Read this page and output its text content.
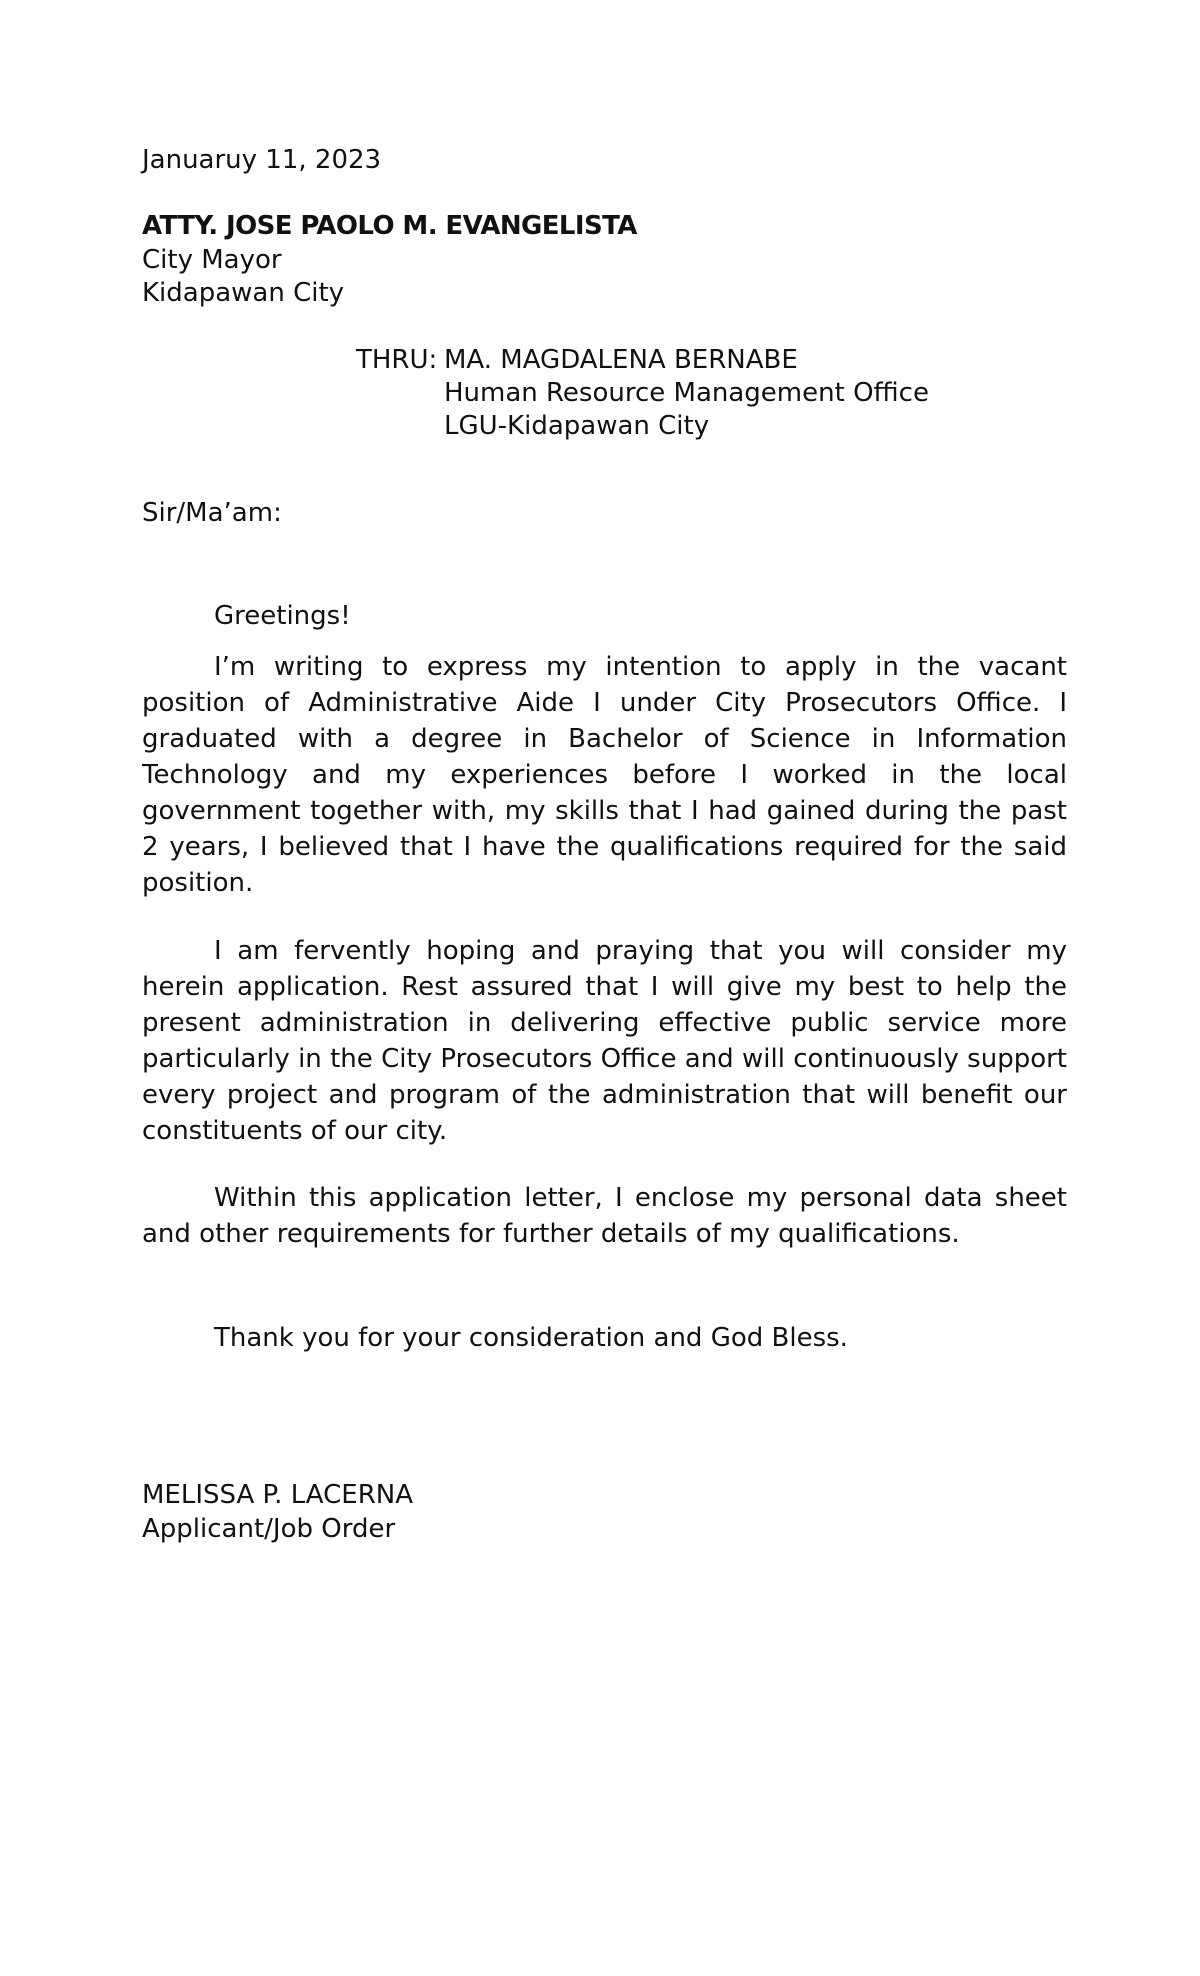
Januaruy 11, 2023
ATTY. JOSE PAOLO M. EVANGELISTA
City Mayor
Kidapawan City
THRU: MA. MAGDALENA BERNABE
Human Resource Management Office
LGU-Kidapawan City
Sir/Ma’am:
Greetings!
I’m writing to express my intention to apply in the vacant position of Administrative Aide I under City Prosecutors Office. I graduated with a degree in Bachelor of Science in Information Technology and my experiences before I worked in the local government together with, my skills that I had gained during the past 2 years, I believed that I have the qualifications required for the said position.
I am fervently hoping and praying that you will consider my herein application. Rest assured that I will give my best to help the present administration in delivering effective public service more particularly in the City Prosecutors Office and will continuously support every project and program of the administration that will benefit our constituents of our city.
Within this application letter, I enclose my personal data sheet and other requirements for further details of my qualifications.
Thank you for your consideration and God Bless.
MELISSA P. LACERNA
Applicant/Job Order
